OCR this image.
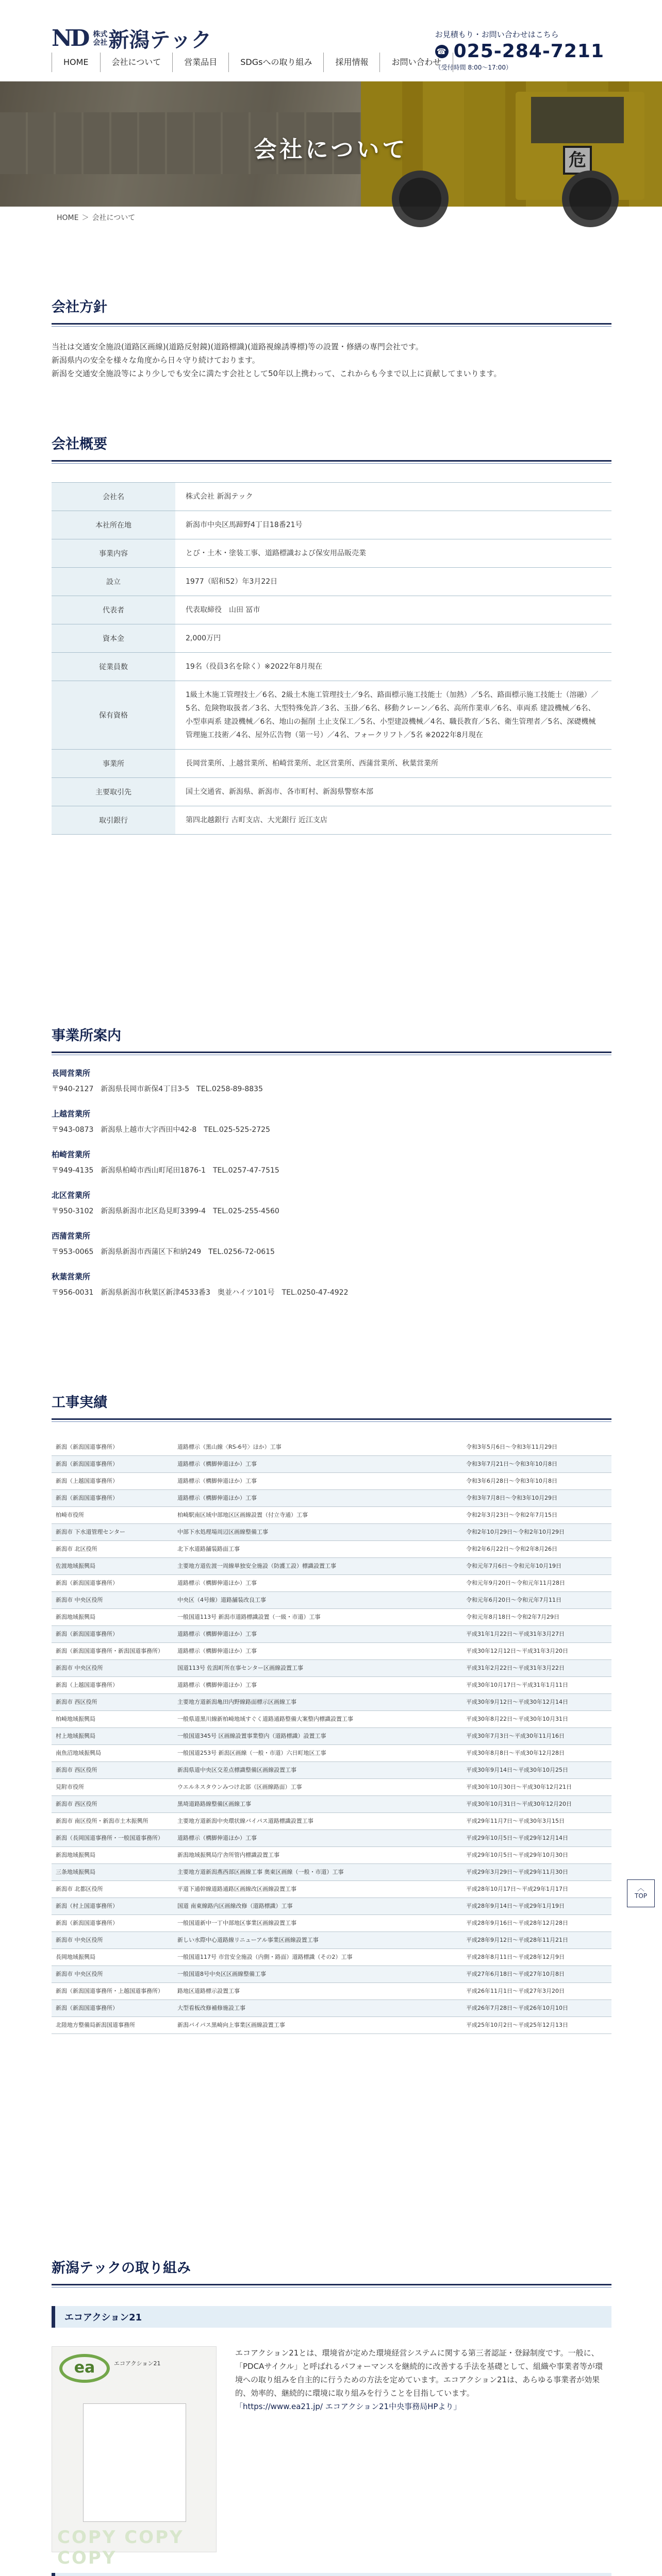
ND 株式会社 新潟テック	お見積もり・お問い合わせはこちら
☎ 025-284-7211
（受付時間 8:00〜17:00）
HOME	会社について	営業品目	SDGsへの取り組み	採用情報	お問い合わせ
危
会社について
HOME ＞ 会社について
会社方針

当社は交通安全施設(道路区画線)(道路反射鏡)(道路標識)(道路視線誘導標)等の設置・修繕の専門会社です。
新潟県内の安全を様々な角度から日々守り続けております。
新潟を交通安全施設等により少しでも安全に満たす会社として50年以上携わって、これからも今まで以上に貢献してまいります。

会社概要
会社名	株式会社 新潟テック
本社所在地	新潟市中央区馬蹄野4丁目18番21号
事業内容	とび・土木・塗装工事、道路標識および保安用品販売業
設立	1977（昭和52）年3月22日
代表者	代表取締役　山田 冨市
資本金	2,000万円
従業員数	19名（役員3名を除く）※2022年8月現在
保有資格	1級土木施工管理技士／6名、2級土木施工管理技士／9名、路面標示施工技能士（加熱）／5名、路面標示施工技能士（溶融）／5名、危険物取扱者／3名、大型特殊免許／3名、玉掛／6名、移動クレーン／6名、高所作業車／6名、車両系 建設機械／6名、小型車両系 建設機械／6名、地山の掘削 土止支保工／5名、小型建設機械／4名、職長教育／5名、衛生管理者／5名、深礎機械管理施工技術／4名、屋外広告物（第一号）／4名、フォークリフト／5名 ※2022年8月現在
事業所	長岡営業所、上越営業所、柏崎営業所、北区営業所、西蒲営業所、秋葉営業所
主要取引先	国土交通省、新潟県、新潟市、各市町村、新潟県警察本部
取引銀行	第四北越銀行 古町支店、大光銀行 近江支店
事業所案内
長岡営業所
〒940-2127　新潟県長岡市新保4丁目3-5　TEL.0258-89-8835
上越営業所
〒943-0873　新潟県上越市大字西田中42-8　TEL.025-525-2725
柏崎営業所
〒949-4135　新潟県柏崎市西山町尾田1876-1　TEL.0257-47-7515
北区営業所
〒950-3102　新潟県新潟市北区島見町3399-4　TEL.025-255-4560
西蒲営業所
〒953-0065　新潟県新潟市西蒲区下和納249　TEL.0256-72-0615
秋葉営業所
〒956-0031　新潟県新潟市秋葉区新津4533番3　奥並ハイツ101号　TEL.0250-47-4922
工事実績
新潟（新潟国道事務所）	道路標示（黒山線〈RS-6号〉ほか）工事	令和3年5月6日〜令和3年11月29日
新潟（新潟国道事務所）	道路標示（構脚伸道ほか）工事	令和3年7月21日〜令和3年10月8日
新潟（上越国道事務所）	道路標示（構脚伸道ほか）工事	令和3年6月28日〜令和3年10月8日
新潟（新潟国道事務所）	道路標示（構脚伸道ほか）工事	令和3年7月8日〜令和3年10月29日
柏崎市役所	柏崎駅南区域中部地区区画線設置（付立寺通）工事	令和2年3月23日〜令和2年7月15日
新潟市 下水道管理センター	中部下水処理場周辺区画線整備工事	令和2年10月29日〜令和2年10月29日
新潟市 北区役所	北下水道路舗装路面工事	令和2年6月22日〜令和2年8月26日
佐渡地域振興局	主要地方道佐渡一周線単独安全施設（防護工設）標識設置工事	令和元年7月6日〜令和元年10月19日
新潟（新潟国道事務所）	道路標示（構脚伸道ほか）工事	令和元年9月20日〜令和元年11月28日
新潟市 中央区役所	中央区（4号線）道路舗装改良工事	令和元年6月20日〜令和元年7月11日
新潟地域振興局	一般国道113号 新潟市道路標識設置（一級・市道）工事	令和元年8月18日〜令和2年7月29日
新潟（新潟国道事務所）	道路標示（構脚伸道ほか）工事	平成31年1月22日〜平成31年3月27日
新潟（新潟国道事務所・新潟国道事務所）	道路標示（構脚伸道ほか）工事	平成30年12月12日〜平成31年3月20日
新潟市 中央区役所	国道113号 佐潟町所在事センター区画線設置工事	平成31年2月22日〜平成31年3月22日
新潟（上越国道事務所）	道路標示（構脚伸道ほか）工事	平成30年10月17日〜平成31年1月11日
新潟市 西区役所	主要地方道新潟亀田内野線路面標示区画線工事	平成30年9月12日〜平成30年12月14日
柏崎地域振興局	一般県道黒川線新柏崎地域すぐく道路通路整備大案整内標識設置工事	平成30年8月22日〜平成30年10月31日
村上地域振興局	一般国道345号 区画線設置事業整内（道路標識）設置工事	平成30年7月3日〜平成30年11月16日
南魚沼地域振興局	一般国道253号 新潟区画線（一般・市道）六日町地区工事	平成30年8月8日〜平成30年12月28日
新潟市 西区役所	新潟県道中央区交差点標識整備区画線設置工事	平成30年9月14日〜平成30年10月25日
見附市役所	ウエルネスタウンみつけ北部（区画線路面）工事	平成30年10月30日〜平成30年12月21日
新潟市 西区役所	黒埼道路路線整備区画線工事	平成30年10月31日〜平成30年12月20日
新潟市 南区役所・新潟市土木振興所	主要地方道新潟中央環状線バイパス道路標識設置工事	平成29年11月7日〜平成30年3月15日
新潟（長岡国道事務所・一般国道事務所）	道路標示（構脚伸道ほか）工事	平成29年10月5日〜平成29年12月14日
新潟地域振興局	新潟地域振興局庁舎所管内標識設置工事	平成29年10月5日〜平成29年10月30日
三条地域振興局	主要地方道新潟燕西部区画線工事 奥東区画線（一般・市道）工事	平成29年3月29日〜平成29年11月30日
新潟市 北都区役所	平道下通幹線道路通路区画線改区画線設置工事	平成28年10月17日〜平成29年1月17日
新潟（村上国道事務所）	国道 南東線路内区画線改修（道路標識）工事	平成28年9月14日〜平成29年1月19日
新潟（新潟国道事務所）	一般国道新中一丁中部地区事業区画線設置工事	平成28年9月16日〜平成28年12月28日
新潟市 中央区役所	新しい水際中心道路線リニューアル事業区画線設置工事	平成28年9月12日〜平成28年11月21日
長岡地域振興局	一般国道117号 市営安全施設（内側・路面）道路標識（その2）工事	平成28年8月11日〜平成28年12月9日
新潟市 中央区役所	一般国道8号中央区区画線整備工事	平成27年6月18日〜平成27年10月8日
新潟（新潟国道事務所・上越国道事務所）	路地区道路標示設置工事	平成26年11月1日〜平成27年3月20日
新潟（新潟国道事務所）	大型看板改修補修施設工事	平成26年7月28日〜平成26年10月10日
北陸地方整備局新潟国道事務所	新潟バイパス黒崎向上事業区画線設置工事	平成25年10月2日〜平成25年12月13日
新潟テックの取り組み
エコアクション21
ea	エコアクション21
COPY COPY COPY

エコアクション21とは、環境省が定めた環境経営システムに関する第三者認証・登録制度です。一般に、「PDCAサイクル」と呼ばれるパフォーマンスを継続的に改善する手法を基礎として、組織や事業者等が環境への取り組みを自主的に行うための方法を定めています。エコアクション21は、あらゆる事業者が効果的、効率的、継続的に環境に取り組みを行うことを目指しています。

「https://www.ea21.jp/ エコアクション21中央事務局HPより」

︿
TOP
